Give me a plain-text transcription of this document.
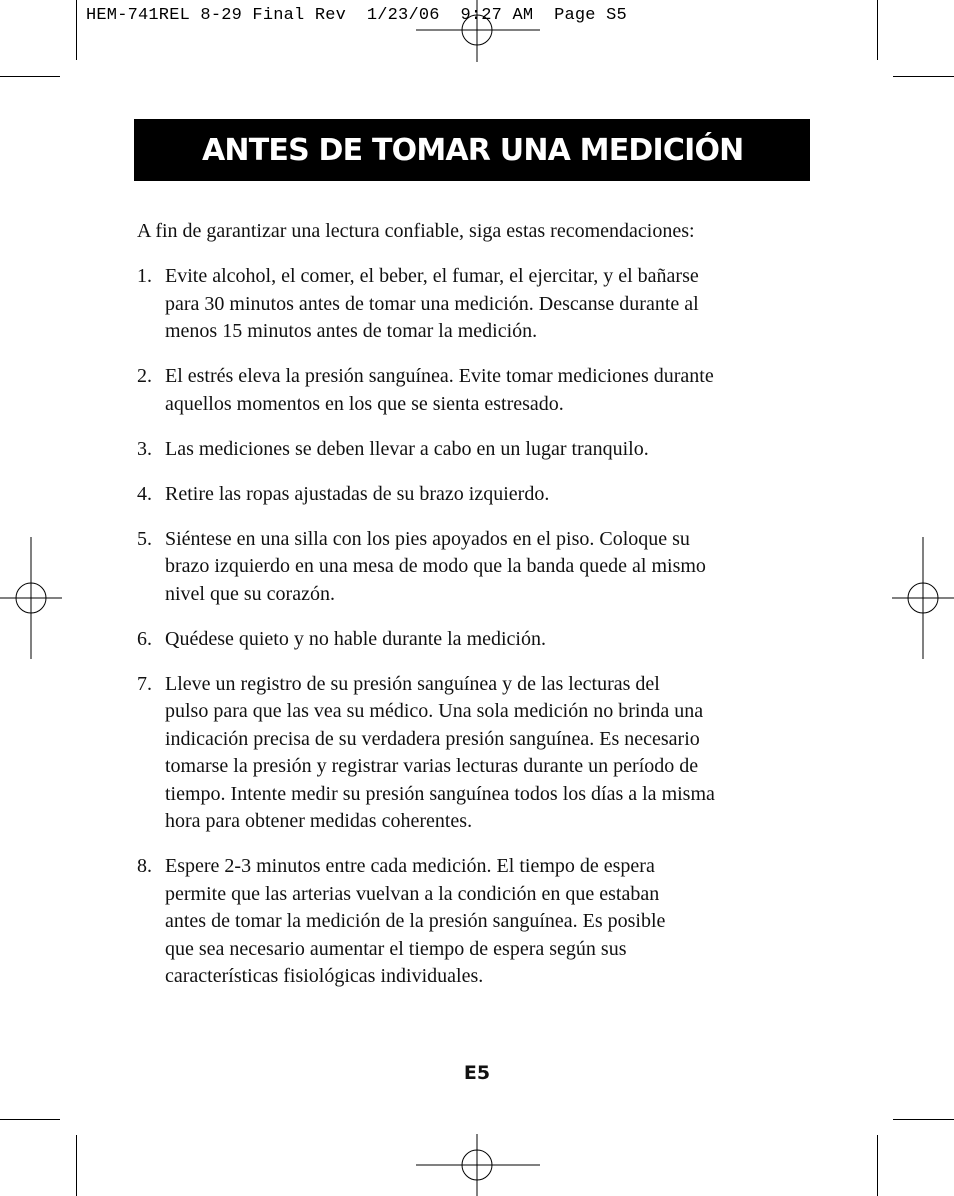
HEM-741REL 8-29 Final Rev  1/23/06  9:27 AM  Page S5
ANTES DE TOMAR UNA MEDICIÓN

A fin de garantizar una lectura confiable, siga estas recomendaciones:

1. Evite alcohol, el comer, el beber, el fumar, el ejercitar, y el bañarse
para 30 minutos antes de tomar una medición. Descanse durante al
menos 15 minutos antes de tomar la medición.
2. El estrés eleva la presión sanguínea. Evite tomar mediciones durante
aquellos momentos en los que se sienta estresado.
3. Las mediciones se deben llevar a cabo en un lugar tranquilo.
4. Retire las ropas ajustadas de su brazo izquierdo.
5. Siéntese en una silla con los pies apoyados en el piso. Coloque su
brazo izquierdo en una mesa de modo que la banda quede al mismo
nivel que su corazón.
6. Quédese quieto y no hable durante la medición.
7. Lleve un registro de su presión sanguínea y de las lecturas del
pulso para que las vea su médico. Una sola medición no brinda una
indicación precisa de su verdadera presión sanguínea. Es necesario
tomarse la presión y registrar varias lecturas durante un período de
tiempo. Intente medir su presión sanguínea todos los días a la misma
hora para obtener medidas coherentes.
8. Espere 2-3 minutos entre cada medición. El tiempo de espera
permite que las arterias vuelvan a la condición en que estaban
antes de tomar la medición de la presión sanguínea. Es posible
que sea necesario aumentar el tiempo de espera según sus
características fisiológicas individuales.
E5
